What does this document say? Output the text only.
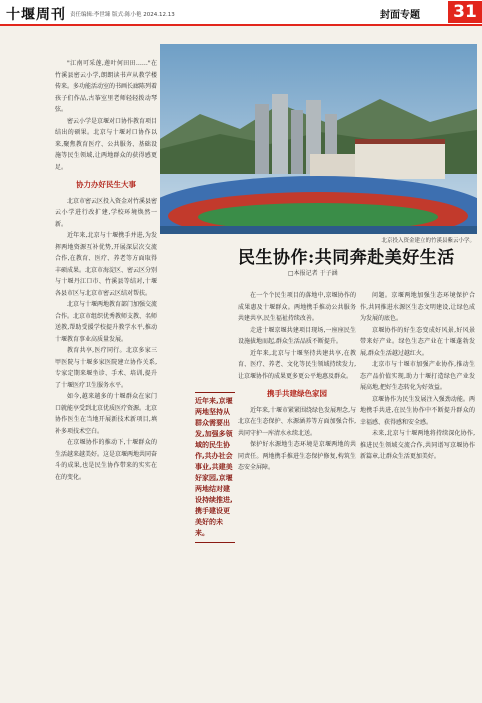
十堰周刊 责任编辑:李世臻 版式:陈小艳 2024.12.13	封面专题	31

"江南可采莲,莲叶何田田……"在竹溪县密云小学,朗朗读书声从教学楼传来。多功能活动室的书画长廊陈列着孩子们作品,古筝室里老师轻轻拨动琴弦。

密云小学是京堰对口协作教育项目结出的硕果。北京与十堰对口协作以来,聚焦教育医疗、公共服务、基础设施等民生领域,让两地群众的获得感更足。

协力办好民生大事

北京市密云区投入资金对竹溪县密云小学进行改扩建,学校环境焕然一新。

近年来,北京与十堰携手并进,为发挥两地资源互补优势,开展深层次交流合作,在教育、医疗、养老等方面取得丰硕成果。北京市海淀区、密云区分别与十堰丹江口市、竹溪县等结对,十堰各县市区与北京市密云区结对帮扶。

北京与十堰两地教育部门加强交流合作。北京市组织优秀教师支教、名师送教,帮助受援学校提升教学水平,推动十堰教育事业高质量发展。

教育共享,医疗同行。北京多家三甲医院与十堰多家医院建立协作关系,专家定期来堰坐诊、手术、培训,提升了十堰医疗卫生服务水平。

如今,越来越多的十堰群众在家门口就能享受到北京优质医疗资源。北京协作医生在当地开展新技术新项目,填补多项技术空白。

在京堰协作的推动下,十堰群众的生活越来越美好。这是京堰两地共同奋斗的成果,也是民生协作带来的实实在在的变化。

北京投入资金建立的竹溪县紫云小学。
民生协作:共同奔赴美好生活
□本报记者 于子涵
近年来,京堰两地坚持从群众需要出发,加强多领域的民生协作,共办社会事业,共建美好家园,京堰两地结对建设持续推进,携手建设更美好的未来。

在一个个民生项目的落地中,京堰协作的成果惠及十堰群众。两地携手推动公共服务共建共享,民生福祉持续改善。

走进十堰京堰共建项目现场,一座座民生设施拔地而起,群众生活品质不断提升。

近年来,北京与十堰坚持共建共享,在教育、医疗、养老、文化等民生领域持续发力,让京堰协作的成果更多更公平地惠及群众。

携手共建绿色家园

近年来,十堰市紧紧围绕绿色发展理念,与北京在生态保护、水源涵养等方面加强合作,共同守护一库清水永续北送。

保护好水源地生态环境是京堰两地的共同责任。两地携手推进生态保护修复,构筑生态安全屏障。

问题。京堰两地加强生态环境保护合作,共同推进水源区生态文明建设,让绿色成为发展的底色。

京堰协作的好生态变成好风景,好风景带来好产业。绿色生态产业在十堰蓬勃发展,群众生活越过越红火。

北京市与十堰市加强产业协作,推动生态产品价值实现,助力十堰打造绿色产业发展高地,把好生态转化为好效益。

京堰协作为民生发展注入强劲动能。两地携手共进,在民生协作中不断提升群众的幸福感、获得感和安全感。

未来,北京与十堰两地将持续深化协作,推进民生领域交流合作,共同谱写京堰协作新篇章,让群众生活更加美好。
